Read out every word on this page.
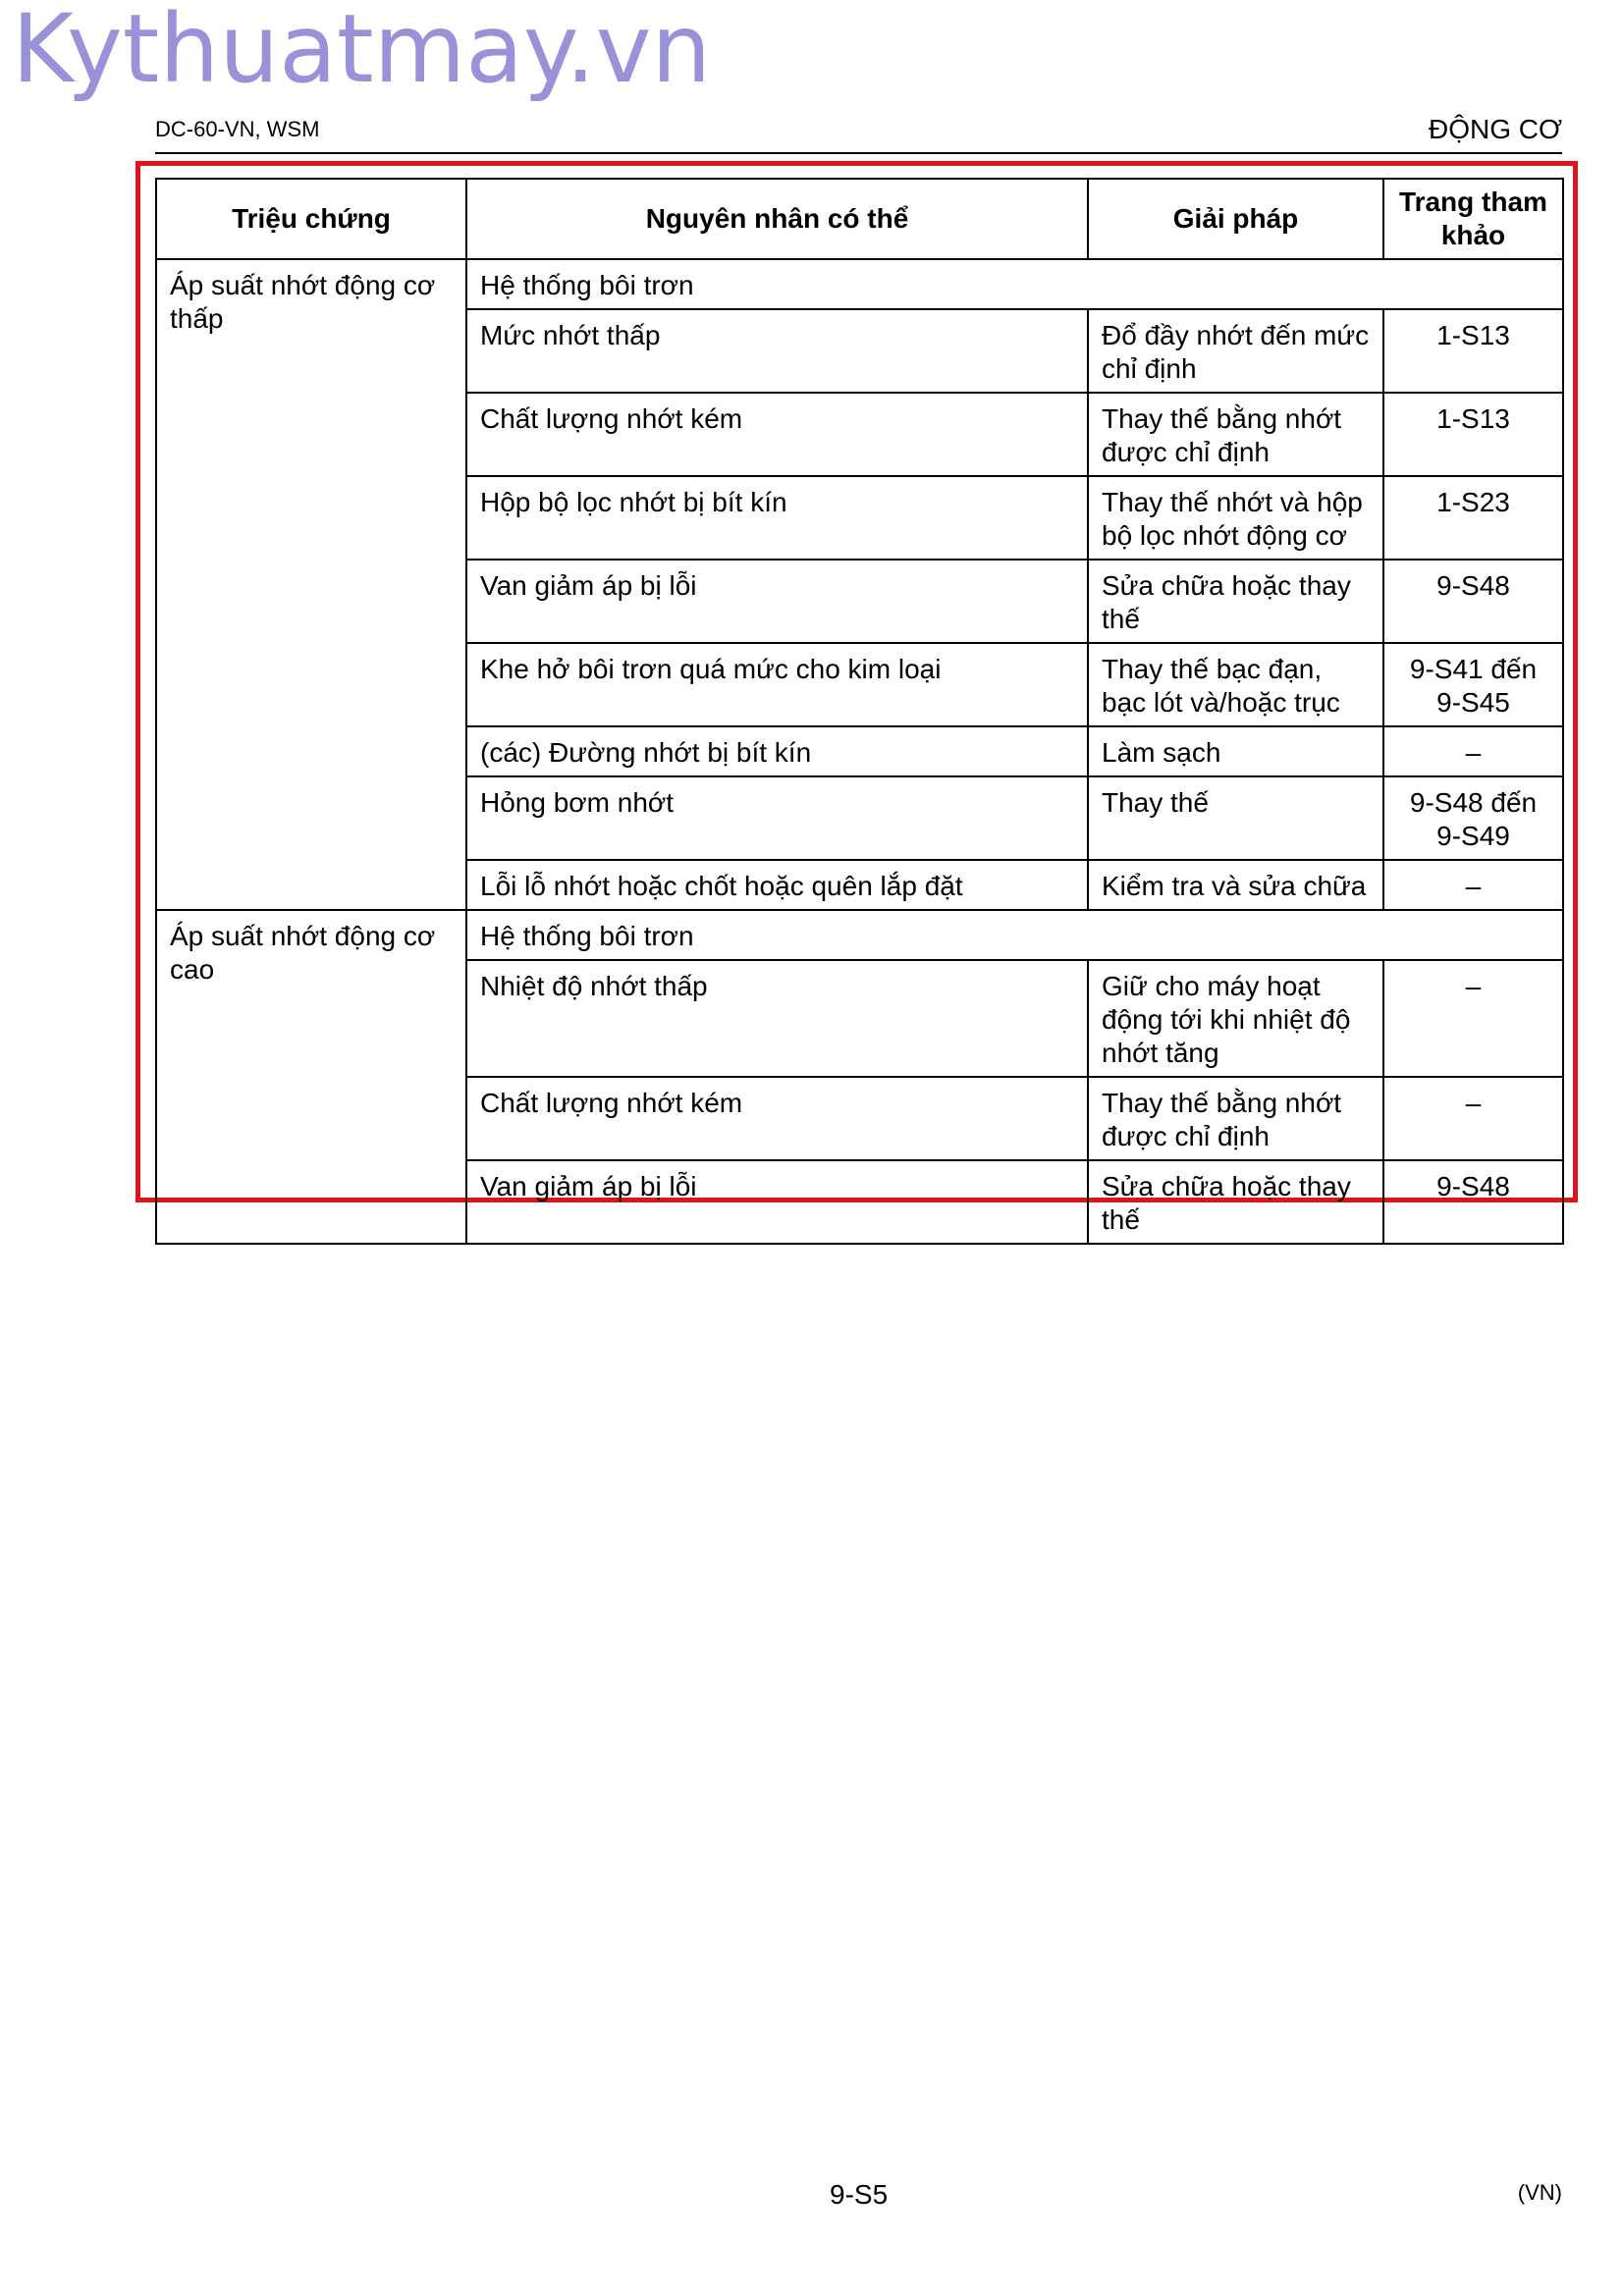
Kythuatmay.vn
DC-60-VN, WSM	ĐỘNG CƠ
Triệu chứng	Nguyên nhân có thể	Giải pháp	Trang tham khảo
Áp suất nhớt động cơ thấp	Hệ thống bôi trơn		
	Mức nhớt thấp	Đổ đầy nhớt đến mức chỉ định	1-S13
	Chất lượng nhớt kém	Thay thế bằng nhớt được chỉ định	1-S13
	Hộp bộ lọc nhớt bị bít kín	Thay thế nhớt và hộp bộ lọc nhớt động cơ	1-S23
	Van giảm áp bị lỗi	Sửa chữa hoặc thay thế	9-S48
	Khe hở bôi trơn quá mức cho kim loại	Thay thế bạc đạn, bạc lót và/hoặc trục	9-S41 đến 9-S45
	(các) Đường nhớt bị bít kín	Làm sạch	–
	Hỏng bơm nhớt	Thay thế	9-S48 đến 9-S49
	Lỗi lỗ nhớt hoặc chốt hoặc quên lắp đặt	Kiểm tra và sửa chữa	–
Áp suất nhớt động cơ cao	Hệ thống bôi trơn		
	Nhiệt độ nhớt thấp	Giữ cho máy hoạt động tới khi nhiệt độ nhớt tăng	–
	Chất lượng nhớt kém	Thay thế bằng nhớt được chỉ định	–
	Van giảm áp bị lỗi	Sửa chữa hoặc thay thế	9-S48
9-S5	(VN)
